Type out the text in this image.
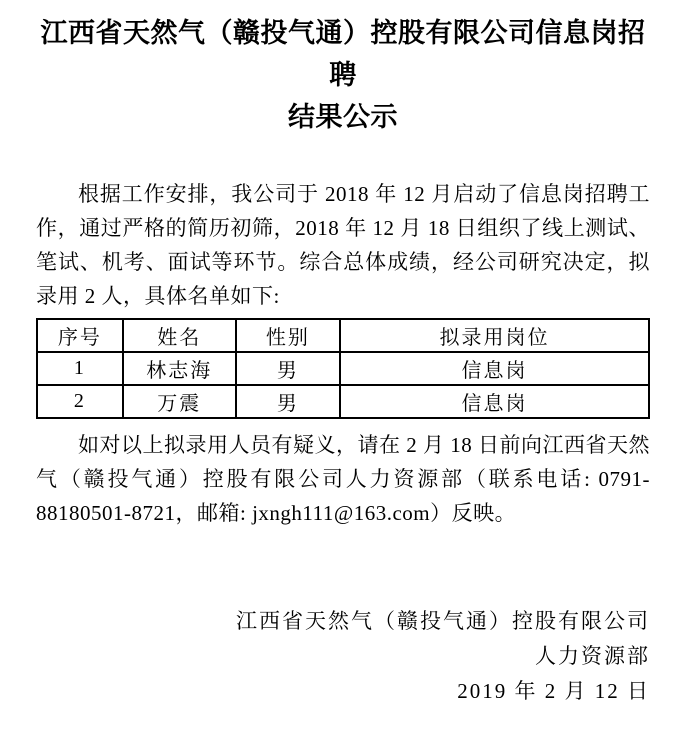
江西省天然气（赣投气通）控股有限公司信息岗招聘
结果公示

根据工作安排，我公司于 2018 年 12 月启动了信息岗招聘工作，通过严格的简历初筛，2018 年 12 月 18 日组织了线上测试、笔试、机考、面试等环节。综合总体成绩，经公司研究决定，拟录用 2 人，具体名单如下:

序号	姓名	性别	拟录用岗位
1	林志海	男	信息岗
2	万震	男	信息岗

如对以上拟录用人员有疑义，请在 2 月 18 日前向江西省天然气（赣投气通）控股有限公司人力资源部（联系电话: 0791-88180501-8721，邮箱: jxngh111@163.com）反映。

江西省天然气（赣投气通）控股有限公司
人力资源部
2019 年 2 月 12 日
